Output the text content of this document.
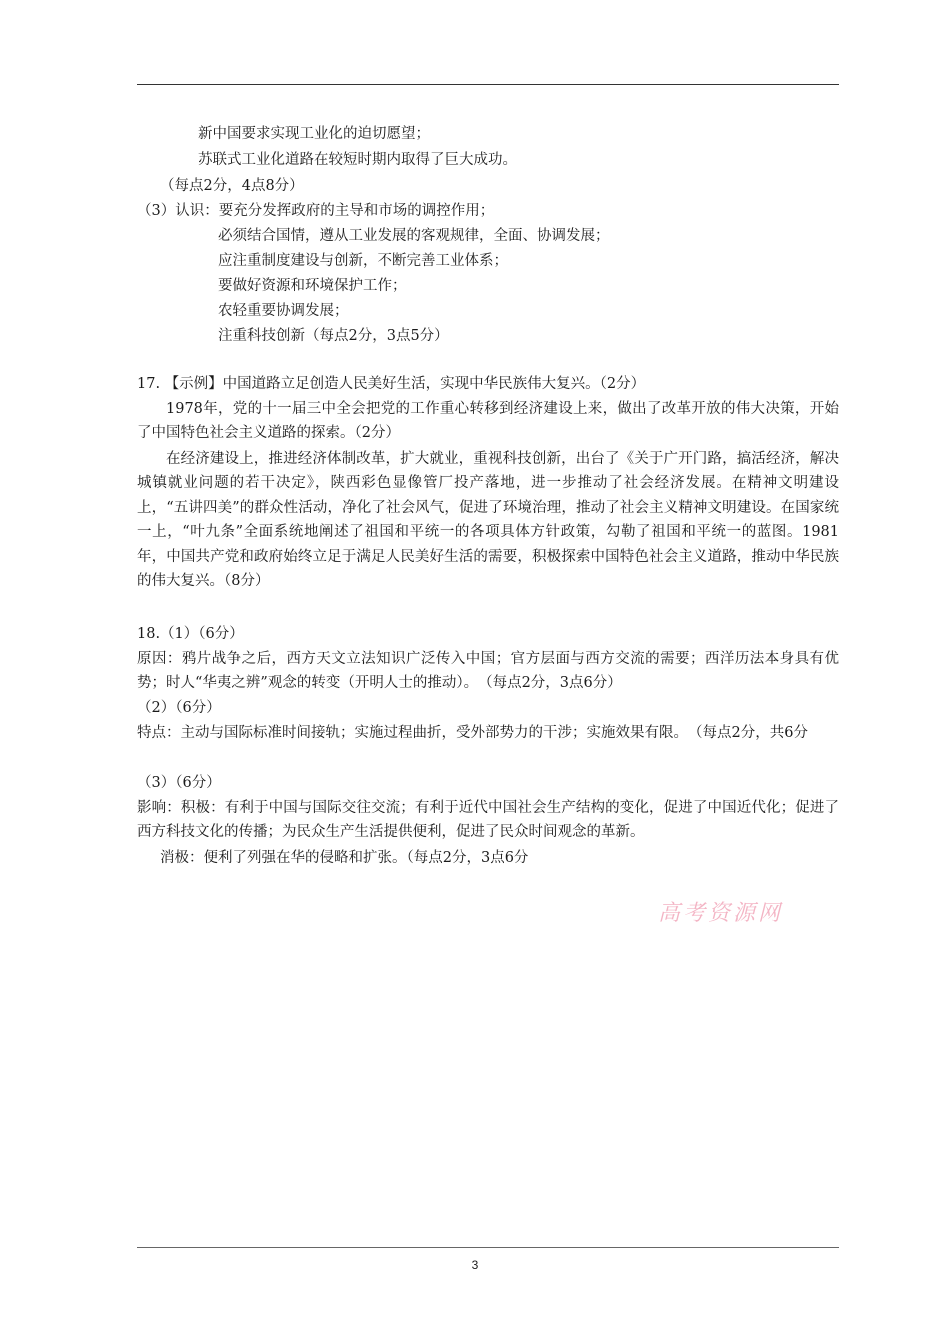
新中国要求实现工业化的迫切愿望；
苏联式工业化道路在较短时期内取得了巨大成功。
（每点2分，4点8分）
（3）认识：要充分发挥政府的主导和市场的调控作用；
必须结合国情，遵从工业发展的客观规律，全面、协调发展；
应注重制度建设与创新，不断完善工业体系；
要做好资源和环境保护工作；
农轻重要协调发展；
注重科技创新（每点2分，3点5分）
17. 【示例】中国道路立足创造人民美好生活，实现中华民族伟大复兴。（2分）
1978年，党的十一届三中全会把党的工作重心转移到经济建设上来，做出了改革开放的伟大决策，开始了中国特色社会主义道路的探索。（2分）
在经济建设上，推进经济体制改革，扩大就业，重视科技创新，出台了《关于广开门路，搞活经济，解决城镇就业问题的若干决定》，陕西彩色显像管厂投产落地，进一步推动了社会经济发展。在精神文明建设上，“五讲四美”的群众性活动，净化了社会风气，促进了环境治理，推动了社会主义精神文明建设。在国家统一上，“叶九条”全面系统地阐述了祖国和平统一的各项具体方针政策，勾勒了祖国和平统一的蓝图。1981年，中国共产党和政府始终立足于满足人民美好生活的需要，积极探索中国特色社会主义道路，推动中华民族的伟大复兴。（8分）
18.（1）（6分）
原因：鸦片战争之后，西方天文立法知识广泛传入中国；官方层面与西方交流的需要；西洋历法本身具有优势；时人“华夷之辨”观念的转变（开明人士的推动）。　（每点2分，3点6分）
（2）（6分）
特点：主动与国际标准时间接轨；实施过程曲折，受外部势力的干涉；实施效果有限。　（每点2分，共6分
（3）（6分）
影响：积极：有利于中国与国际交往交流；有利于近代中国社会生产结构的变化，促进了中国近代化；促进了西方科技文化的传播；为民众生产生活提供便利，促进了民众时间观念的革新。
消极：便利了列强在华的侵略和扩张。（每点2分，3点6分
高考资源网
3
